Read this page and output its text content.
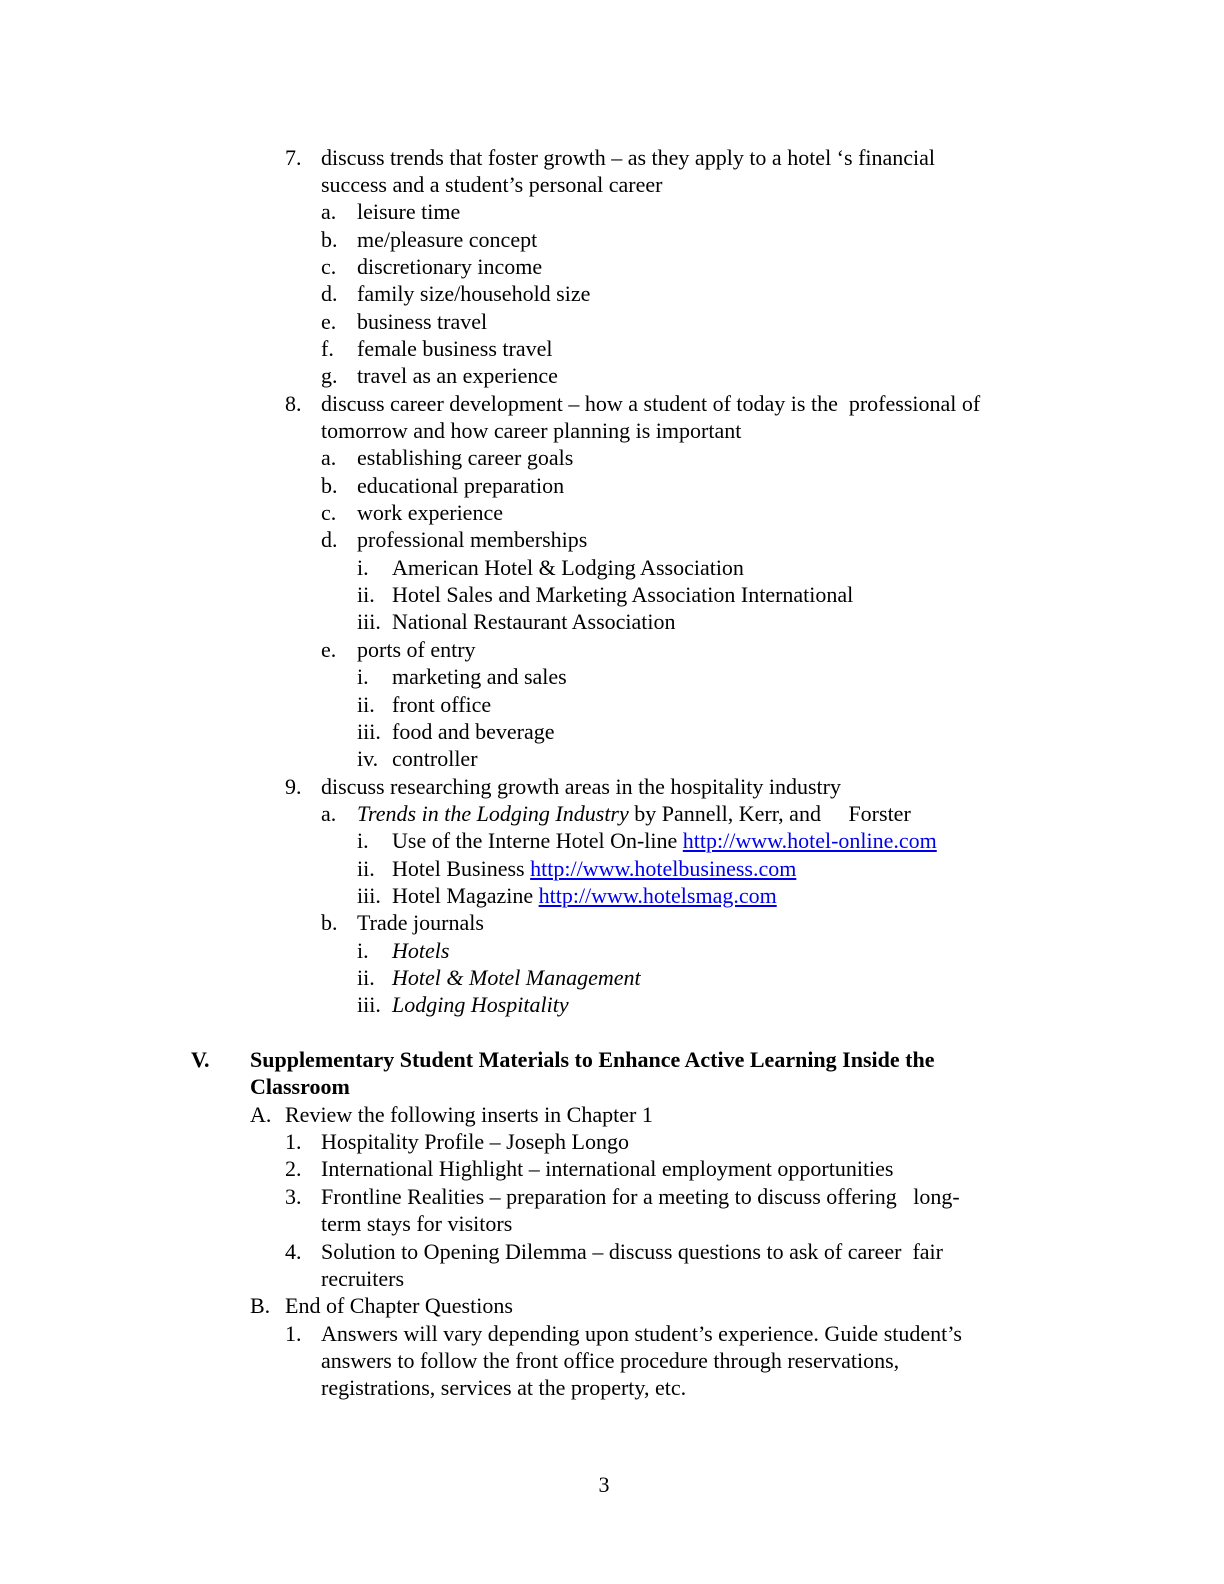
7. discuss trends that foster growth – as they apply to a hotel ‘s financial
success and a student’s personal career
a. leisure time
b. me/pleasure concept
c. discretionary income
d. family size/household size
e. business travel
f. female business travel
g. travel as an experience
8. discuss career development – how a student of today is the  professional of
tomorrow and how career planning is important
a. establishing career goals
b. educational preparation
c. work experience
d. professional memberships
i. American Hotel & Lodging Association
ii. Hotel Sales and Marketing Association International
iii. National Restaurant Association
e. ports of entry
i. marketing and sales
ii. front office
iii. food and beverage
iv. controller
9. discuss researching growth areas in the hospitality industry
a. Trends in the Lodging Industry by Pannell, Kerr, and     Forster
i. Use of the Interne Hotel On-line http://www.hotel-online.com
ii. Hotel Business http://www.hotelbusiness.com
iii. Hotel Magazine http://www.hotelsmag.com
b. Trade journals
i. Hotels
ii. Hotel & Motel Management
iii. Lodging Hospitality
V. Supplementary Student Materials to Enhance Active Learning Inside the
Classroom
A. Review the following inserts in Chapter 1
1. Hospitality Profile – Joseph Longo
2. International Highlight – international employment opportunities
3. Frontline Realities – preparation for a meeting to discuss offering   long-
term stays for visitors
4. Solution to Opening Dilemma – discuss questions to ask of career  fair
recruiters
B. End of Chapter Questions
1. Answers will vary depending upon student’s experience. Guide student’s
answers to follow the front office procedure through reservations,
registrations, services at the property, etc.
3
